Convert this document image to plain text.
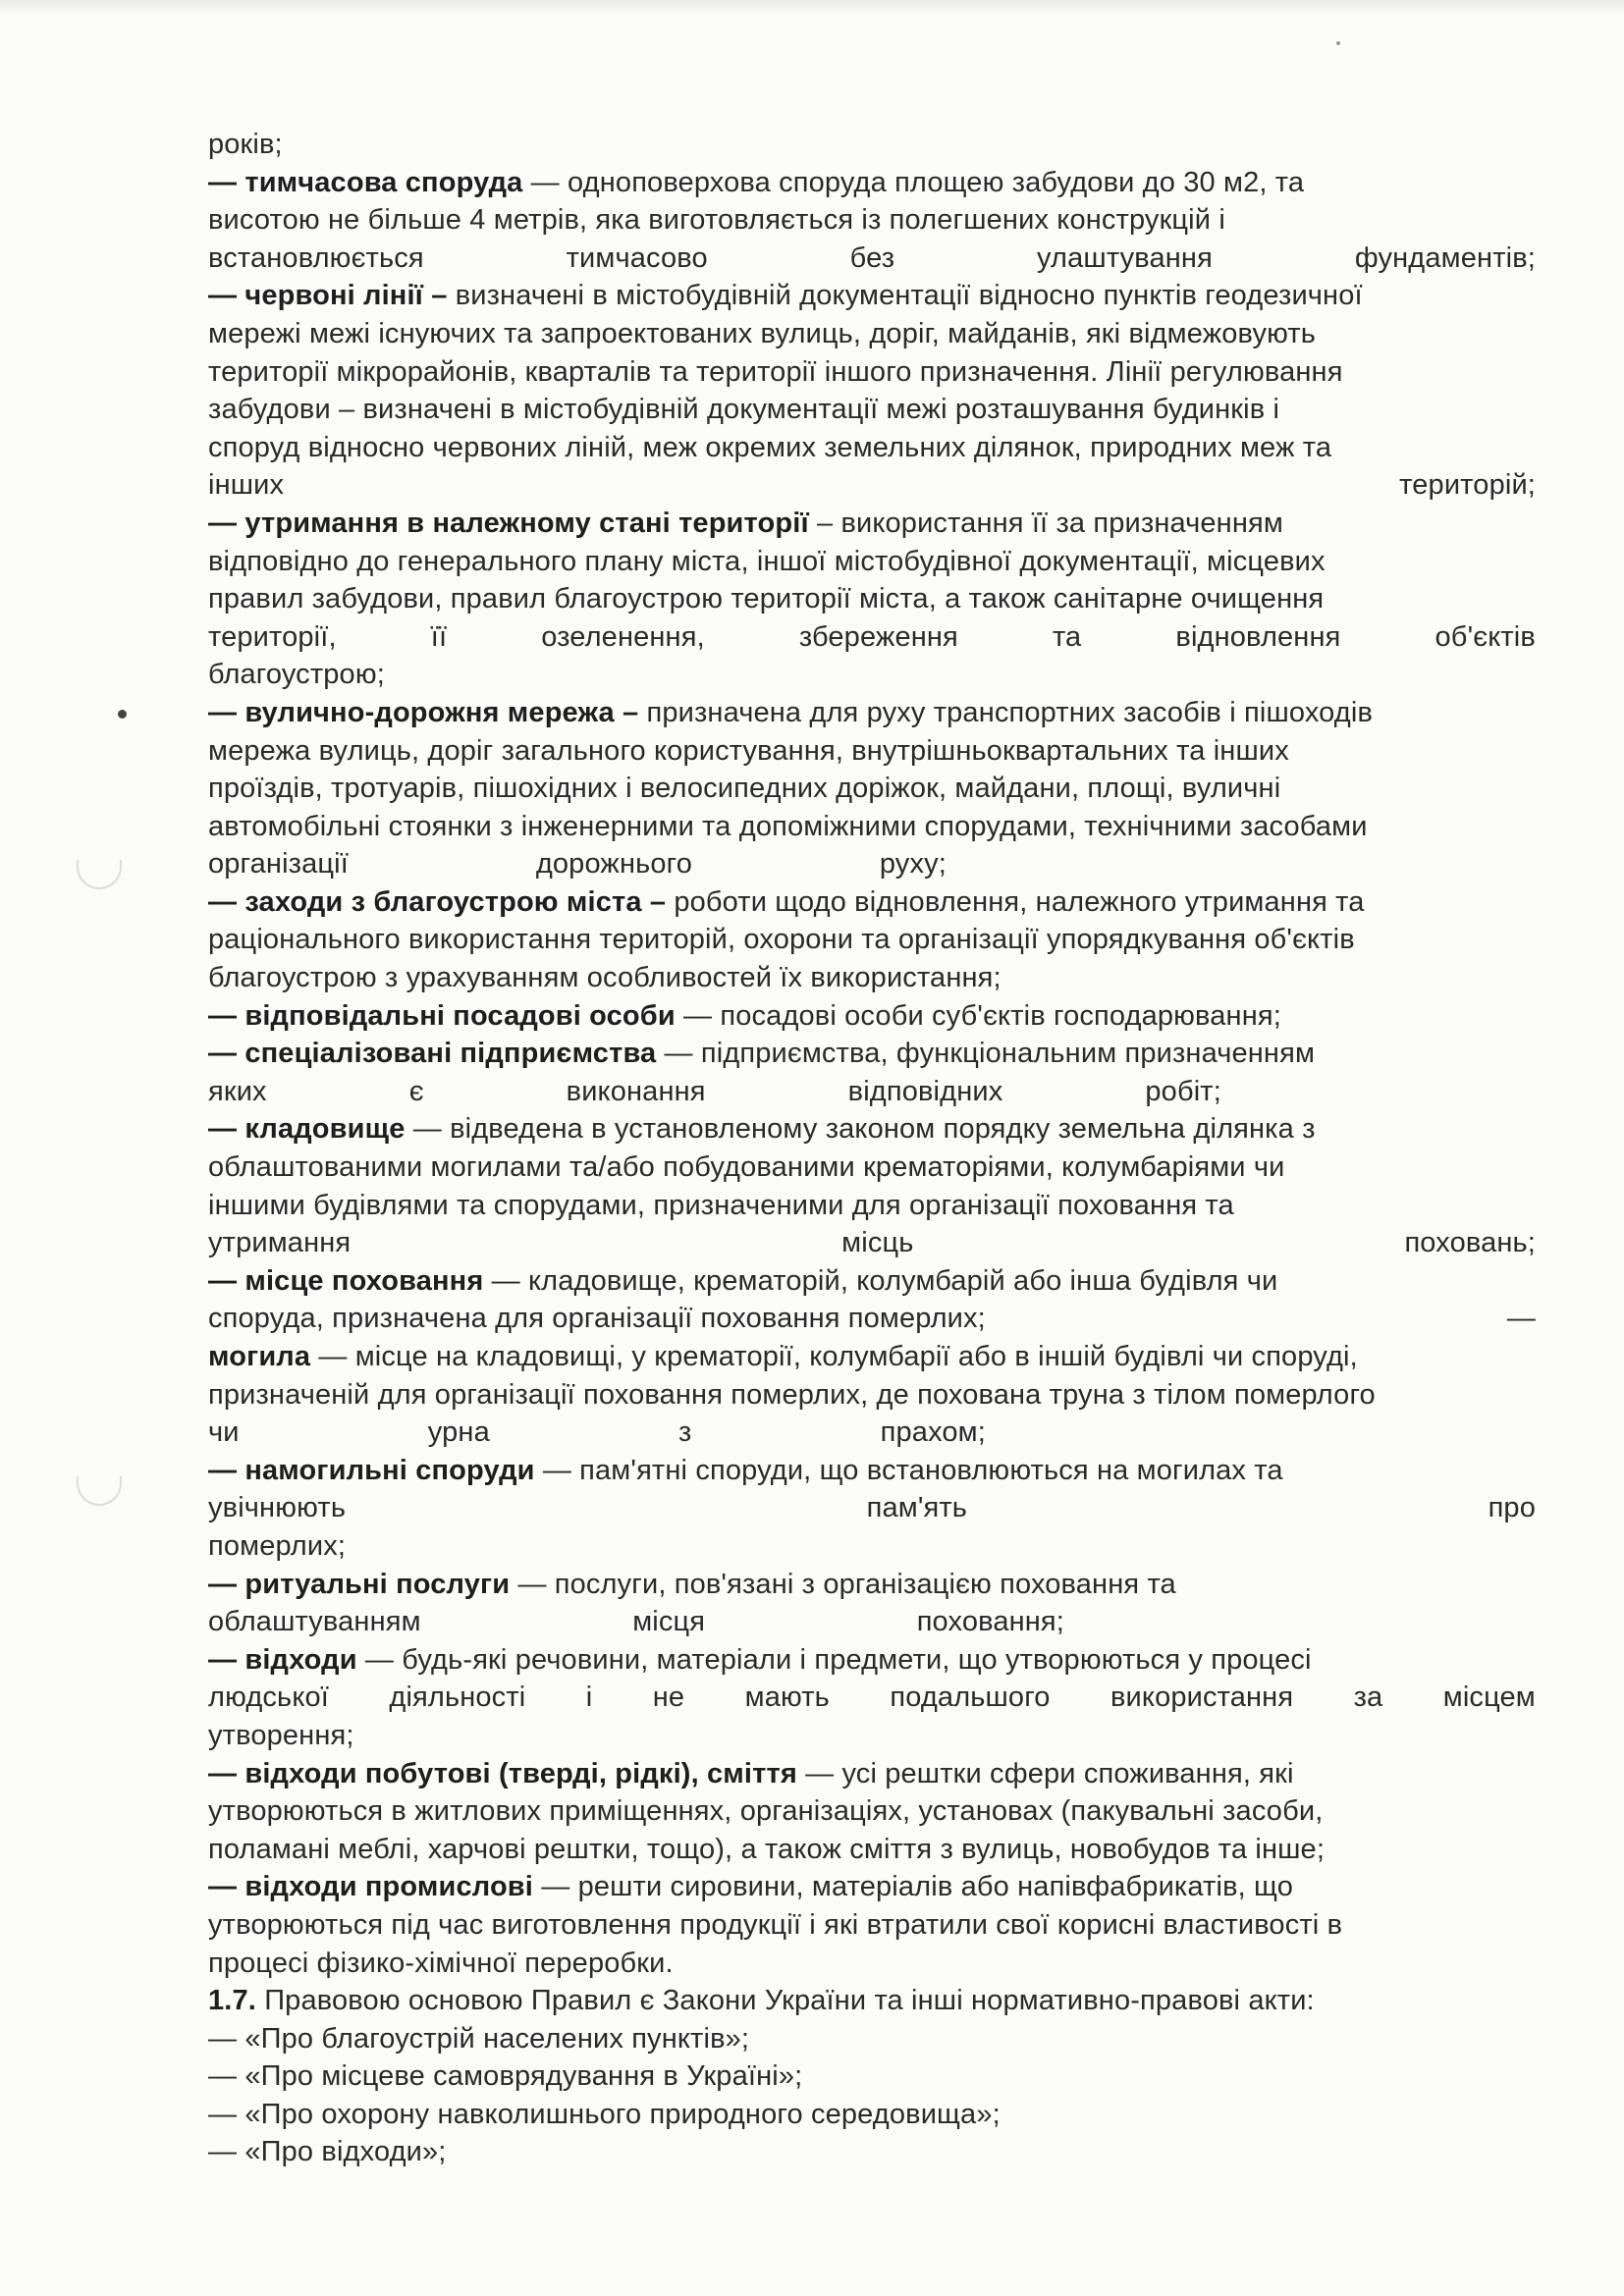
років;
— тимчасова споруда — одноповерхова споруда площею забудови до 30 м2, та
висотою не більше 4 метрів, яка виготовляється із полегшених конструкцій і
встановлюється	тимчасово	без	улаштування	фундаментів;
— червоні лінії – визначені в містобудівній документації відносно пунктів геодезичної
мережі межі існуючих та запроектованих вулиць, доріг, майданів, які відмежовують
території мікрорайонів, кварталів та території іншого призначення. Лінії регулювання
забудови – визначені в містобудівній документації межі розташування будинків і
споруд відносно червоних ліній, меж окремих земельних ділянок, природних меж та
інших	територій;
— утримання в належному стані території – використання її за призначенням
відповідно до генерального плану міста, іншої містобудівної документації, місцевих
правил забудови, правил благоустрою території міста, а також санітарне очищення
території,	її	озеленення,	збереження	та	відновлення	об'єктів
благоустрою;
— вулично-дорожня мережа – призначена для руху транспортних засобів і пішоходів
мережа вулиць, доріг загального користування, внутрішньоквартальних та інших
проїздів, тротуарів, пішохідних і велосипедних доріжок, майдани, площі, вуличні
автомобільні стоянки з інженерними та допоміжними спорудами, технічними засобами
організації	дорожнього	руху;
— заходи з благоустрою міста – роботи щодо відновлення, належного утримання та
раціонального використання територій, охорони та організації упорядкування об'єктів
благоустрою з урахуванням особливостей їх використання;
— відповідальні посадові особи — посадові особи суб'єктів господарювання;
— спеціалізовані підприємства — підприємства, функціональним призначенням
яких	є	виконання	відповідних	робіт;
— кладовище — відведена в установленому законом порядку земельна ділянка з
облаштованими могилами та/або побудованими крематоріями, колумбаріями чи
іншими будівлями та спорудами, призначеними для організації поховання та
утримання	місць	поховань;
— місце поховання — кладовище, крематорій, колумбарій або інша будівля чи
споруда, призначена для організації поховання померлих;	—
могила — місце на кладовищі, у крематорії, колумбарії або в іншій будівлі чи споруді,
призначеній для організації поховання померлих, де похована труна з тілом померлого
чи	урна	з	прахом;
— намогильні споруди — пам'ятні споруди, що встановлюються на могилах та
увічнюють	пам'ять	про
померлих;
— ритуальні послуги — послуги, пов'язані з організацією поховання та
облаштуванням	місця	поховання;
— відходи — будь-які речовини, матеріали і предмети, що утворюються у процесі
людської діяльності і не мають подальшого використання за місцем
утворення;
— відходи побутові (тверді, рідкі), сміття — усі рештки сфери споживання, які
утворюються в житлових приміщеннях, організаціях, установах (пакувальні засоби,
поламані меблі, харчові рештки, тощо), а також сміття з вулиць, новобудов та інше;
— відходи промислові — решти сировини, матеріалів або напівфабрикатів, що
утворюються під час виготовлення продукції і які втратили свої корисні властивості в
процесі фізико-хімічної переробки.
1.7. Правовою основою Правил є Закони України та інші нормативно-правові акти:
— «Про благоустрій населених пунктів»;
— «Про місцеве самоврядування в Україні»;
— «Про охорону навколишнього природного середовища»;
— «Про відходи»;
